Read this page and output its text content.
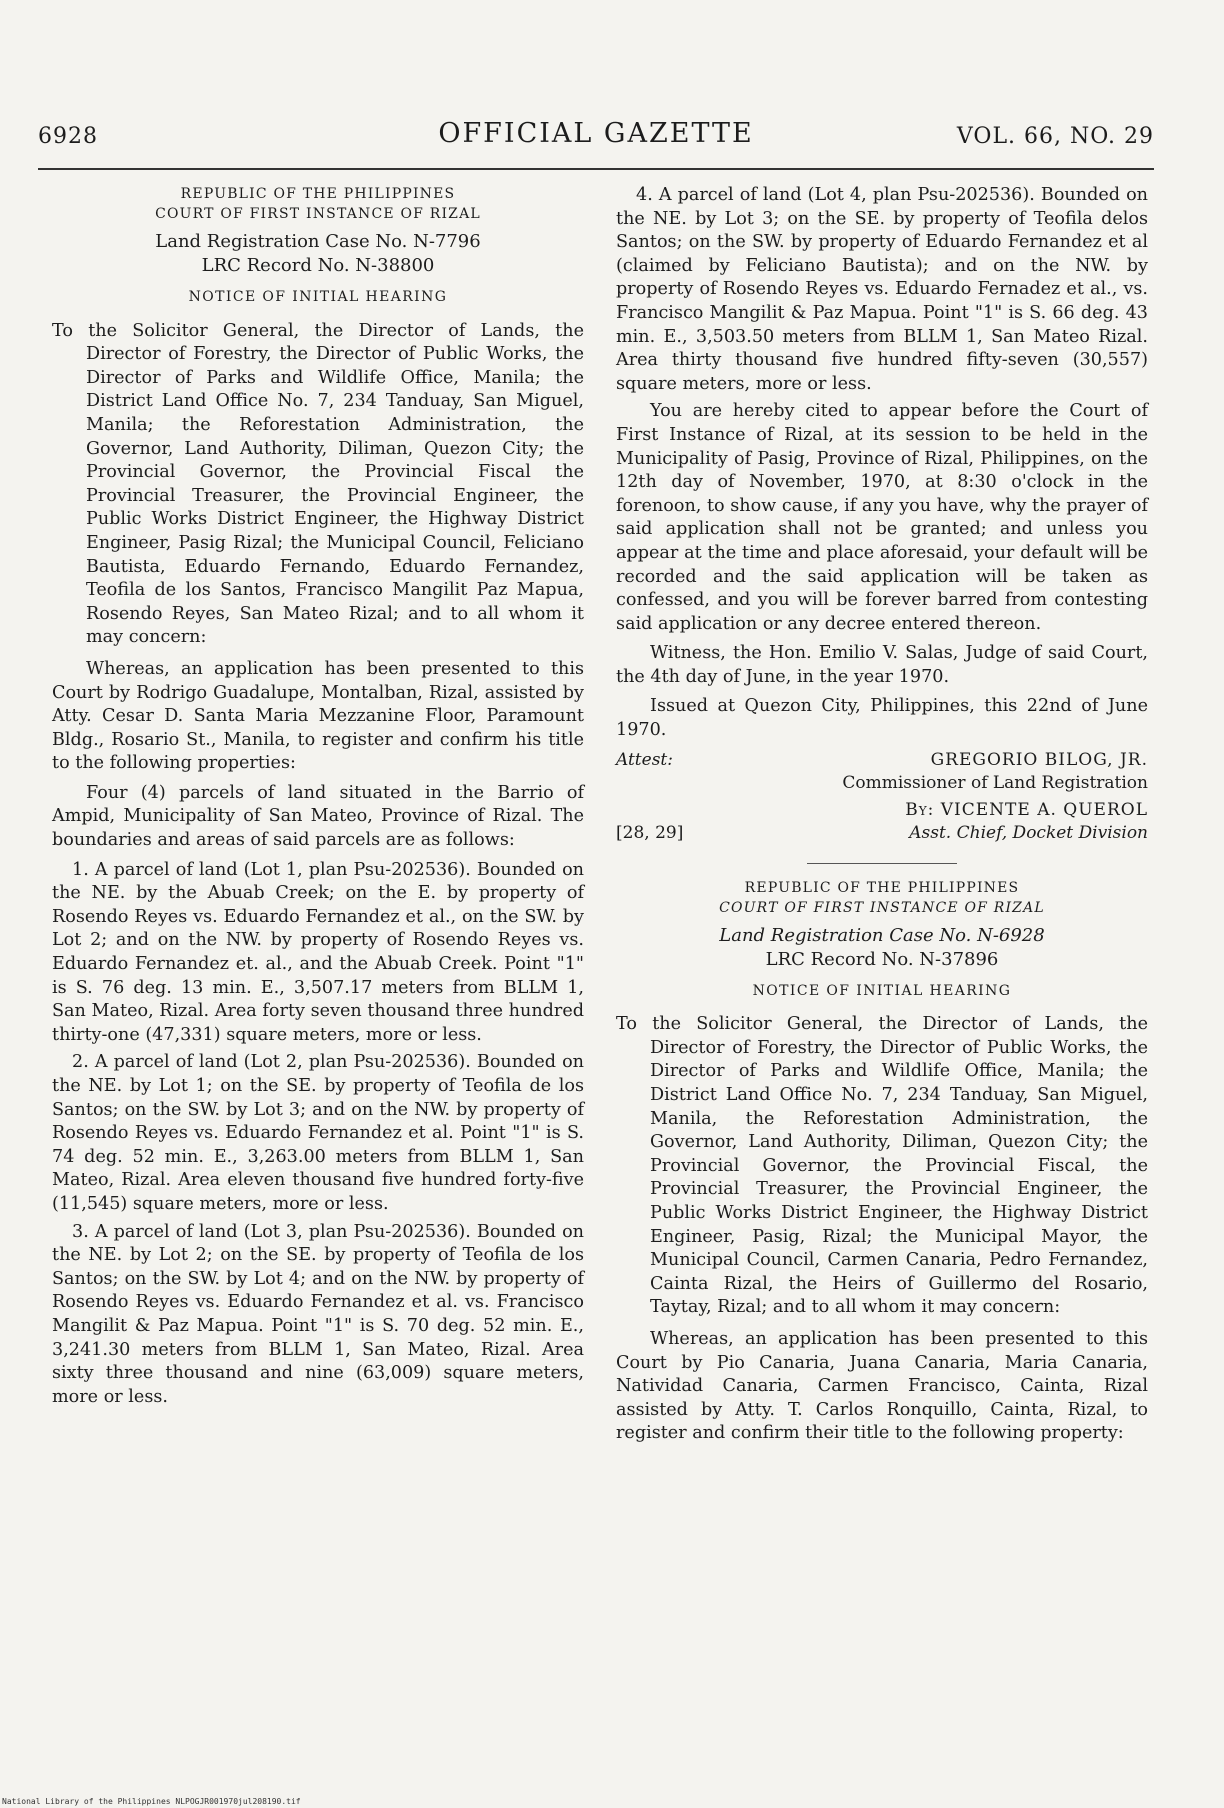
6928	OFFICIAL GAZETTE	VOL. 66, NO. 29
REPUBLIC OF THE PHILIPPINES
COURT OF FIRST INSTANCE OF RIZAL
Land Registration Case No. N-7796
LRC Record No. N-38800
NOTICE OF INITIAL HEARING

To the Solicitor General, the Director of Lands, the Director of Forestry, the Director of Public Works, the Director of Parks and Wildlife Office, Manila; the District Land Office No. 7, 234 Tanduay, San Miguel, Manila; the Reforestation Administration, the Governor, Land Authority, Diliman, Quezon City; the Provincial Governor, the Provincial Fiscal the Provincial Treasurer, the Provincial Engineer, the Public Works District Engineer, the Highway District Engineer, Pasig Rizal; the Municipal Council, Feliciano Bautista, Eduardo Fernando, Eduardo Fernandez, Teofila de los Santos, Francisco Mangilit Paz Mapua, Rosendo Reyes, San Mateo Rizal; and to all whom it may concern:

Whereas, an application has been presented to this Court by Rodrigo Guadalupe, Montalban, Rizal, assisted by Atty. Cesar D. Santa Maria Mezzanine Floor, Paramount Bldg., Rosario St., Manila, to register and confirm his title to the following properties:

Four (4) parcels of land situated in the Barrio of Ampid, Municipality of San Mateo, Province of Rizal. The boundaries and areas of said parcels are as follows:

1. A parcel of land (Lot 1, plan Psu-202536). Bounded on the NE. by the Abuab Creek; on the E. by property of Rosendo Reyes vs. Eduardo Fernandez et al., on the SW. by Lot 2; and on the NW. by property of Rosendo Reyes vs. Eduardo Fernandez et. al., and the Abuab Creek. Point "1" is S. 76 deg. 13 min. E., 3,507.17 meters from BLLM 1, San Mateo, Rizal. Area forty seven thousand three hundred thirty-one (47,331) square meters, more or less.

2. A parcel of land (Lot 2, plan Psu-202536). Bounded on the NE. by Lot 1; on the SE. by property of Teofila de los Santos; on the SW. by Lot 3; and on the NW. by property of Rosendo Reyes vs. Eduardo Fernandez et al. Point "1" is S. 74 deg. 52 min. E., 3,263.00 meters from BLLM 1, San Mateo, Rizal. Area eleven thousand five hundred forty-five (11,545) square meters, more or less.

3. A parcel of land (Lot 3, plan Psu-202536). Bounded on the NE. by Lot 2; on the SE. by property of Teofila de los Santos; on the SW. by Lot 4; and on the NW. by property of Rosendo Reyes vs. Eduardo Fernandez et al. vs. Francisco Mangilit & Paz Mapua. Point "1" is S. 70 deg. 52 min. E., 3,241.30 meters from BLLM 1, San Mateo, Rizal. Area sixty three thousand and nine (63,009) square meters, more or less.

4. A parcel of land (Lot 4, plan Psu-202536). Bounded on the NE. by Lot 3; on the SE. by property of Teofila delos Santos; on the SW. by property of Eduardo Fernandez et al (claimed by Feliciano Bautista); and on the NW. by property of Rosendo Reyes vs. Eduardo Fernadez et al., vs. Francisco Mangilit & Paz Mapua. Point "1" is S. 66 deg. 43 min. E., 3,503.50 meters from BLLM 1, San Mateo Rizal. Area thirty thousand five hundred fifty-seven (30,557) square meters, more or less.

You are hereby cited to appear before the Court of First Instance of Rizal, at its session to be held in the Municipality of Pasig, Province of Rizal, Philippines, on the 12th day of November, 1970, at 8:30 o'clock in the forenoon, to show cause, if any you have, why the prayer of said application shall not be granted; and unless you appear at the time and place aforesaid, your default will be recorded and the said application will be taken as confessed, and you will be forever barred from contesting said application or any decree entered thereon.

Witness, the Hon. Emilio V. Salas, Judge of said Court, the 4th day of June, in the year 1970.

Issued at Quezon City, Philippines, this 22nd of June 1970.

Attest:	GREGORIO BILOG, JR.
Commissioner of Land Registration
By: VICENTE A. QUEROL
[28, 29]	Asst. Chief, Docket Division
REPUBLIC OF THE PHILIPPINES
COURT OF FIRST INSTANCE OF RIZAL
Land Registration Case No. N-6928
LRC Record No. N-37896
NOTICE OF INITIAL HEARING

To the Solicitor General, the Director of Lands, the Director of Forestry, the Director of Public Works, the Director of Parks and Wildlife Office, Manila; the District Land Office No. 7, 234 Tanduay, San Miguel, Manila, the Reforestation Administration, the Governor, Land Authority, Diliman, Quezon City; the Provincial Governor, the Provincial Fiscal, the Provincial Treasurer, the Provincial Engineer, the Public Works District Engineer, the Highway District Engineer, Pasig, Rizal; the Municipal Mayor, the Municipal Council, Carmen Canaria, Pedro Fernandez, Cainta Rizal, the Heirs of Guillermo del Rosario, Taytay, Rizal; and to all whom it may concern:

Whereas, an application has been presented to this Court by Pio Canaria, Juana Canaria, Maria Canaria, Natividad Canaria, Carmen Francisco, Cainta, Rizal assisted by Atty. T. Carlos Ronquillo, Cainta, Rizal, to register and confirm their title to the following property:

National Library of the Philippines NLPOGJR001970jul208190.tif
